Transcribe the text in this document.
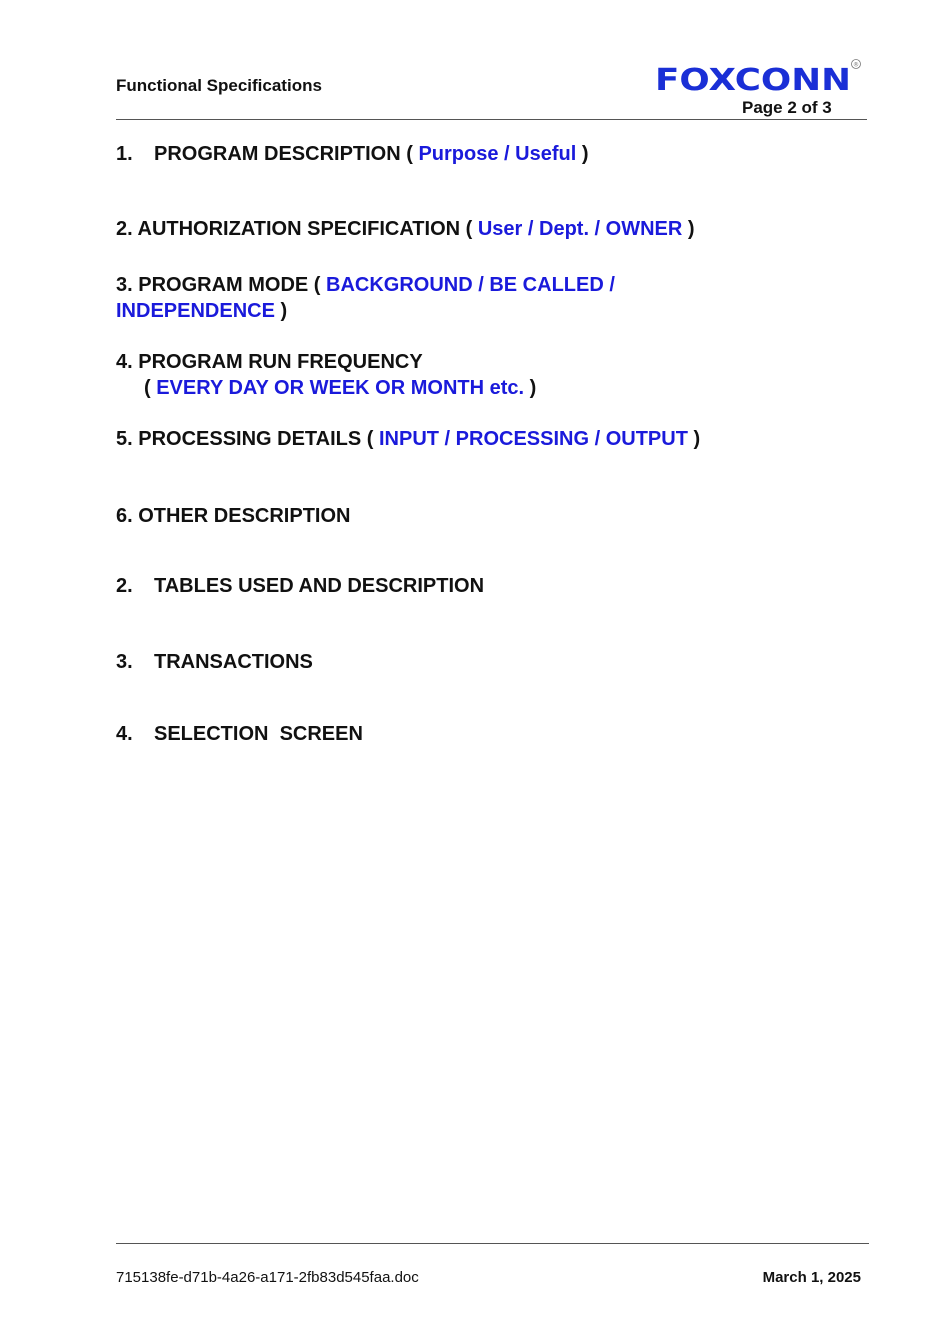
Functional Specifications	FOXCONN ®
Page 2 of 3
1. PROGRAM DESCRIPTION ( Purpose / Useful )
2. AUTHORIZATION SPECIFICATION ( User / Dept. / OWNER )
3. PROGRAM MODE ( BACKGROUND / BE CALLED /
INDEPENDENCE )
4. PROGRAM RUN FREQUENCY
( EVERY DAY OR WEEK OR MONTH etc. )
5. PROCESSING DETAILS ( INPUT / PROCESSING / OUTPUT )
6. OTHER DESCRIPTION
2. TABLES USED AND DESCRIPTION
3. TRANSACTIONS
4. SELECTION  SCREEN
715138fe-d71b-4a26-a171-2fb83d545faa.doc	March 1, 2025
